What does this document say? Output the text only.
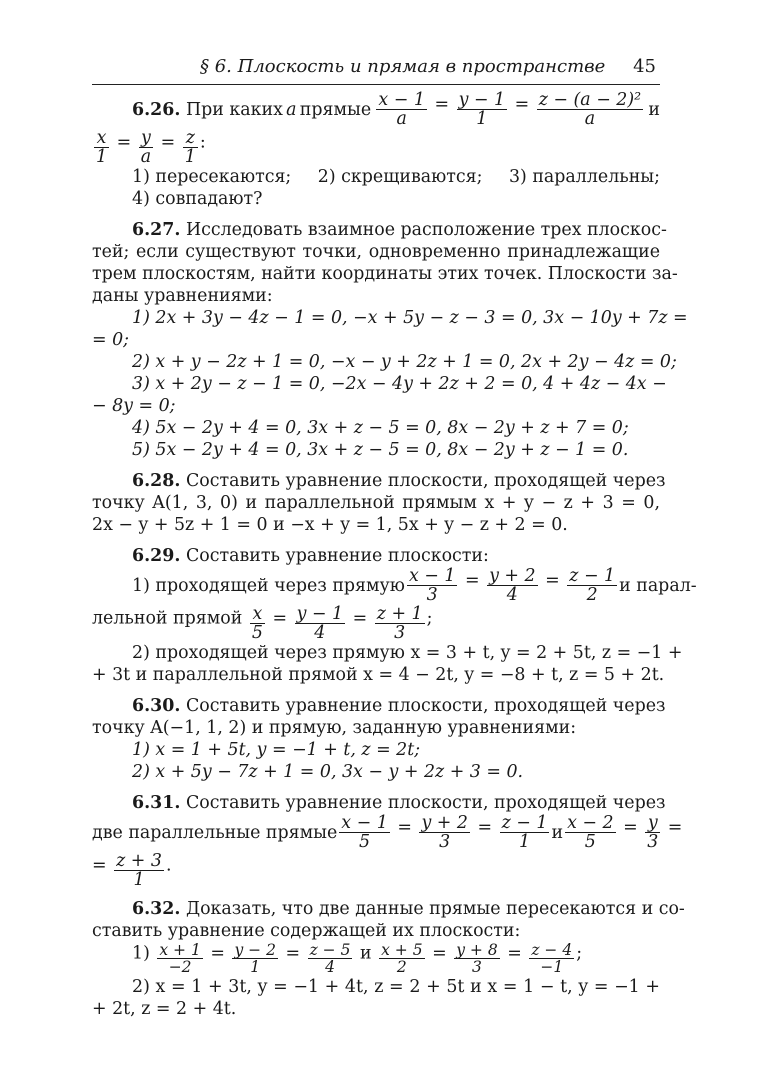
§ 6. Плоскость и прямая в пространстве 45

6.26. При каких a прямые $\frac{x - 1}{a} = \frac{y - 1}{1} = \frac{\text{z − (a − 2)²}}{a}$ и

$\frac{x}{1} = \frac{y}{a} = \frac{z}{1}$ :

1) пересекаются; 2) скрещиваются; 3) параллельны;

4) совпадают?

6.27. Исследовать взаимное расположение трех плоскос-

тей; если существуют точки, одновременно принадлежащие

трем плоскостям, найти координаты этих точек. Плоскости за-

даны уравнениями:

1) 2x + 3y − 4z − 1 = 0, −x + 5y − z − 3 = 0, 3x − 10y + 7z =

= 0;

2) x + y − 2z + 1 = 0, −x − y + 2z + 1 = 0, 2x + 2y − 4z = 0;

3) x + 2y − z − 1 = 0, −2x − 4y + 2z + 2 = 0, 4 + 4z − 4x −

− 8y = 0;

4) 5x − 2y + 4 = 0, 3x + z − 5 = 0, 8x − 2y + z + 7 = 0;

5) 5x − 2y + 4 = 0, 3x + z − 5 = 0, 8x − 2y + z − 1 = 0.

6.28. Составить уравнение плоскости, проходящей через

точку A(1, 3, 0) и параллельной прямым x + y − z + 3 = 0,

2x − y + 5z + 1 = 0 и −x + y = 1, 5x + y − z + 2 = 0.

6.29. Составить уравнение плоскости:

1) проходящей через прямую $\frac{x - 1}{3} = \frac{y + 2}{4} = \frac{z - 1}{2}$ и парал-

лельной прямой $\frac{x}{5} = \frac{y - 1}{4} = \frac{z + 1}{3}$ ;

2) проходящей через прямую x = 3 + t, y = 2 + 5t, z = −1 +

+ 3t и параллельной прямой x = 4 − 2t, y = −8 + t, z = 5 + 2t.

6.30. Составить уравнение плоскости, проходящей через

точку A(−1, 1, 2) и прямую, заданную уравнениями:

1) x = 1 + 5t, y = −1 + t, z = 2t;

2) x + 5y − 7z + 1 = 0, 3x − y + 2z + 3 = 0.

6.31. Составить уравнение плоскости, проходящей через

две параллельные прямые $\frac{x - 1}{5} = \frac{y + 2}{3} = \frac{z - 1}{1}$ и $\frac{x - 2}{5} = \frac{y}{3}$ =

= $\frac{z + 3}{1}$ .

6.32. Доказать, что две данные прямые пересекаются и со-

ставить уравнение содержащей их плоскости:

$1) \frac{x + 1}{-2} = \frac{y - 2}{1} = \frac{z - 5}{4}$ и $\frac{x + 5}{2} = \frac{y + 8}{3} = \frac{z - 4}{-1}$ ;

2) x = 1 + 3t, y = −1 + 4t, z = 2 + 5t и x = 1 − t, y = −1 +

+ 2t, z = 2 + 4t.
